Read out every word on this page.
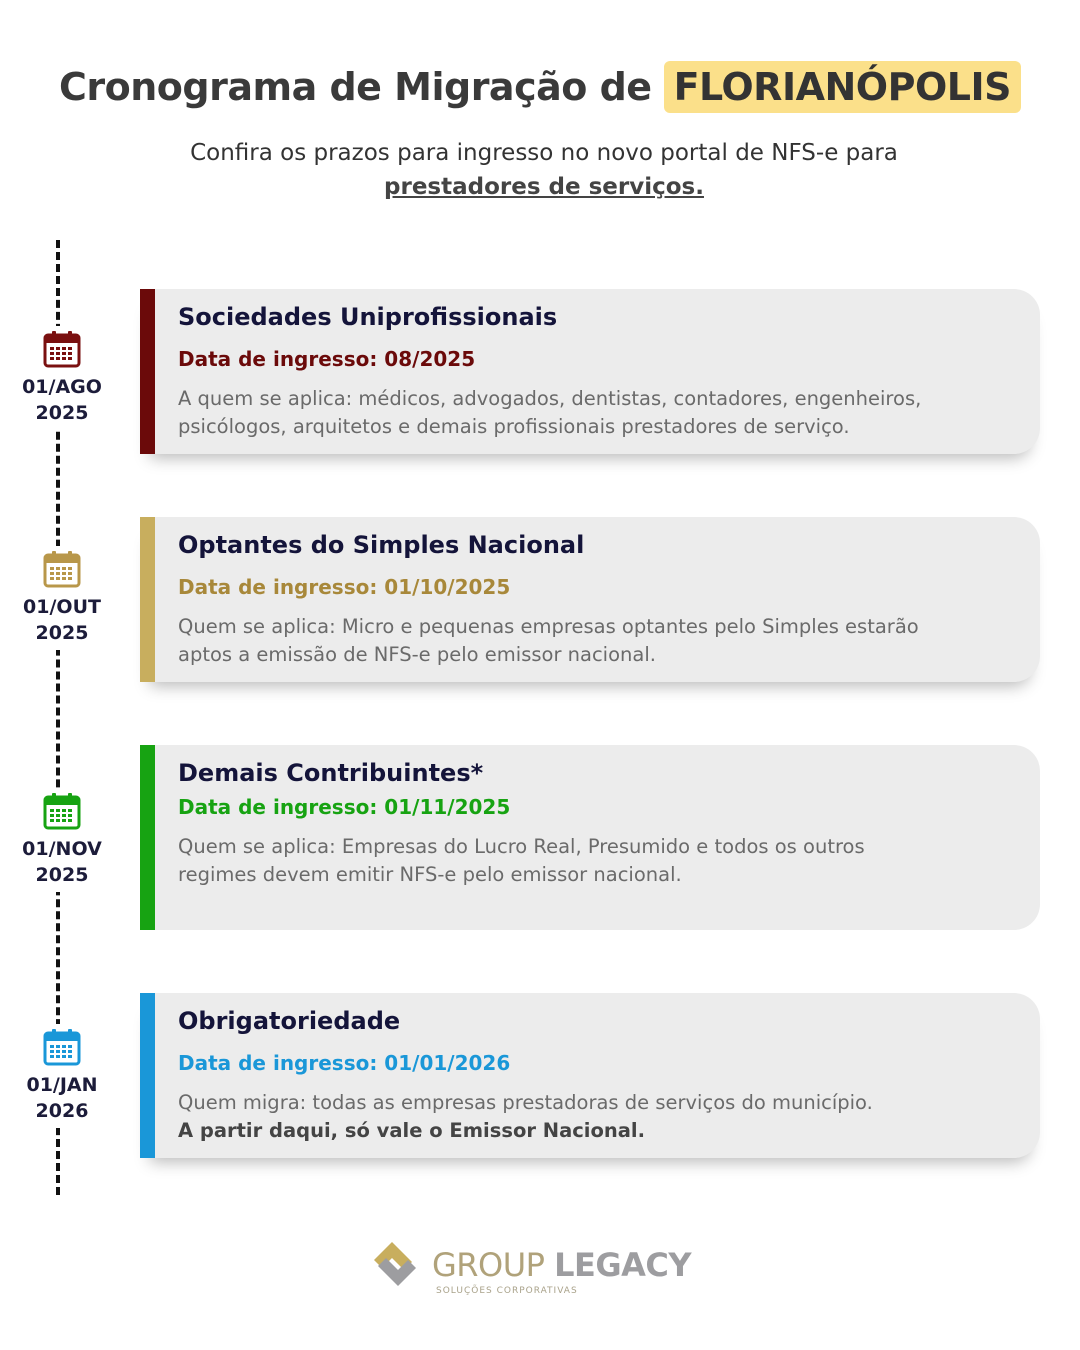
Cronograma de Migração de FLORIANÓPOLIS
Confira os prazos para ingresso no novo portal de NFS-e para
prestadores de serviços.
01/AGO
2025
Sociedades Uniprofissionais
Data de ingresso: 08/2025
A quem se aplica: médicos, advogados, dentistas, contadores, engenheiros,
psicólogos, arquitetos e demais profissionais prestadores de serviço.
01/OUT
2025
Optantes do Simples Nacional
Data de ingresso: 01/10/2025
Quem se aplica: Micro e pequenas empresas optantes pelo Simples estarão
aptos a emissão de NFS-e pelo emissor nacional.
01/NOV
2025
Demais Contribuintes*
Data de ingresso: 01/11/2025
Quem se aplica: Empresas do Lucro Real, Presumido e todos os outros
regimes devem emitir NFS-e pelo emissor nacional.
01/JAN
2026
Obrigatoriedade
Data de ingresso: 01/01/2026
Quem migra: todas as empresas prestadoras de serviços do município.
A partir daqui, só vale o Emissor Nacional.
GROUP LEGACY
SOLUÇÕES CORPORATIVAS
